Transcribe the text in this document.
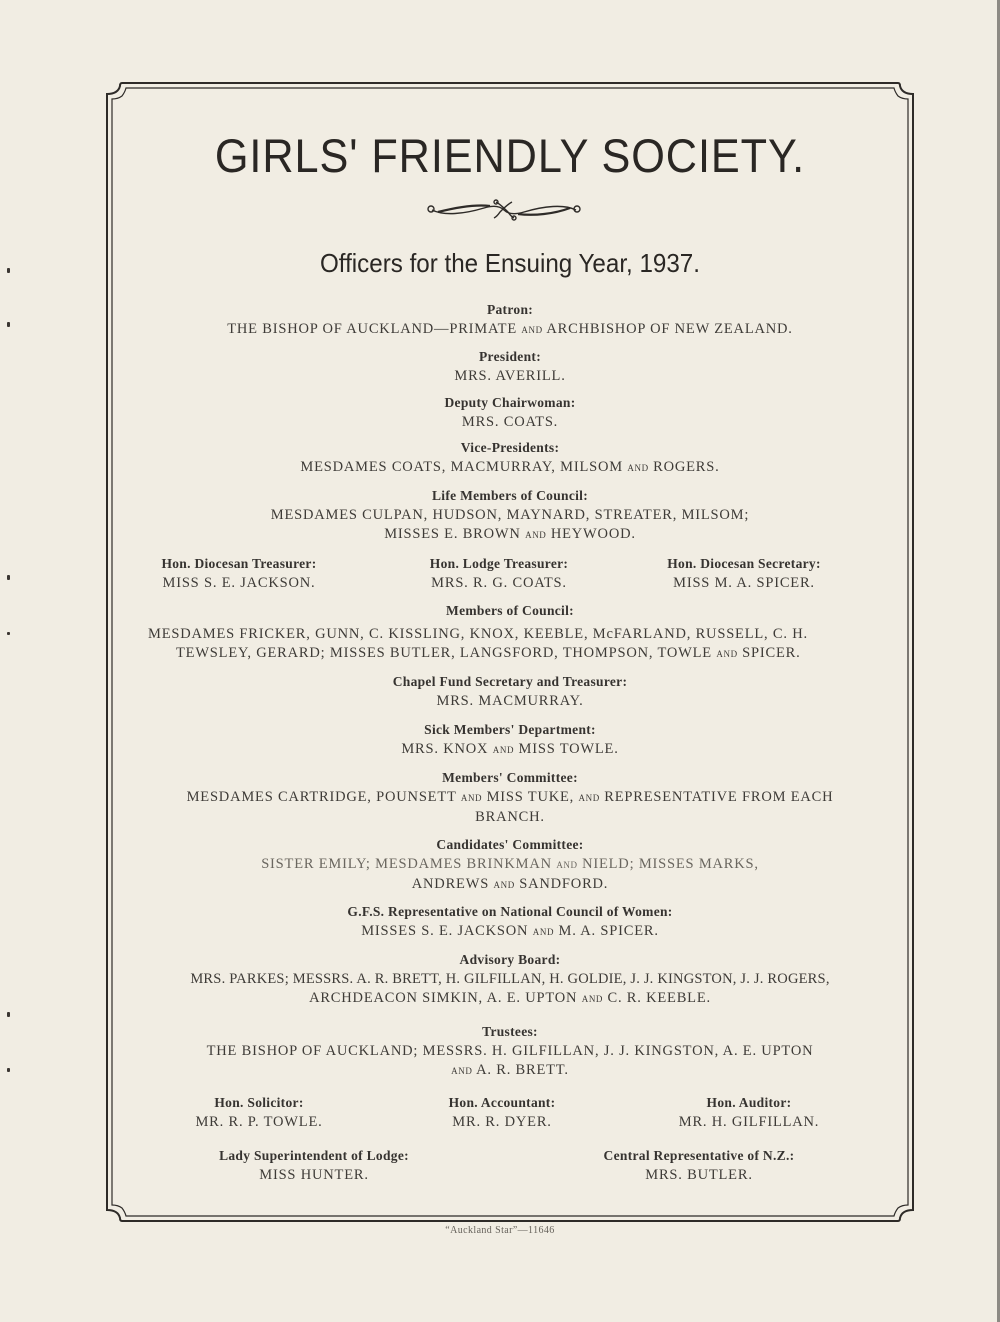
GIRLS' FRIENDLY SOCIETY.
Officers for the Ensuing Year, 1937.
Patron:
THE BISHOP OF AUCKLAND—PRIMATE AND ARCHBISHOP OF NEW ZEALAND.
President:
MRS. AVERILL.
Deputy Chairwoman:
MRS. COATS.
Vice-Presidents:
MESDAMES COATS, MACMURRAY, MILSOM AND ROGERS.
Life Members of Council:
MESDAMES CULPAN, HUDSON, MAYNARD, STREATER, MILSOM;
MISSES E. BROWN AND HEYWOOD.
Hon. Diocesan Treasurer:
MISS S. E. JACKSON.
Hon. Lodge Treasurer:
MRS. R. G. COATS.
Hon. Diocesan Secretary:
MISS M. A. SPICER.
Members of Council:
MESDAMES FRICKER, GUNN, C. KISSLING, KNOX, KEEBLE, McFARLAND, RUSSELL, C. H.
TEWSLEY, GERARD; MISSES BUTLER, LANGSFORD, THOMPSON, TOWLE AND SPICER.
Chapel Fund Secretary and Treasurer:
MRS. MACMURRAY.
Sick Members' Department:
MRS. KNOX AND MISS TOWLE.
Members' Committee:
MESDAMES CARTRIDGE, POUNSETT AND MISS TUKE, AND REPRESENTATIVE FROM EACH
BRANCH.
Candidates' Committee:
SISTER EMILY; MESDAMES BRINKMAN AND NIELD; MISSES MARKS,
ANDREWS AND SANDFORD.
G.F.S. Representative on National Council of Women:
MISSES S. E. JACKSON AND M. A. SPICER.
Advisory Board:
MRS. PARKES; MESSRS. A. R. BRETT, H. GILFILLAN, H. GOLDIE, J. J. KINGSTON, J. J. ROGERS,
ARCHDEACON SIMKIN, A. E. UPTON AND C. R. KEEBLE.
Trustees:
THE BISHOP OF AUCKLAND; MESSRS. H. GILFILLAN, J. J. KINGSTON, A. E. UPTON
AND A. R. BRETT.
Hon. Solicitor:
MR. R. P. TOWLE.
Hon. Accountant:
MR. R. DYER.
Hon. Auditor:
MR. H. GILFILLAN.
Lady Superintendent of Lodge:
MISS HUNTER.
Central Representative of N.Z.:
MRS. BUTLER.
“Auckland Star”—11646
